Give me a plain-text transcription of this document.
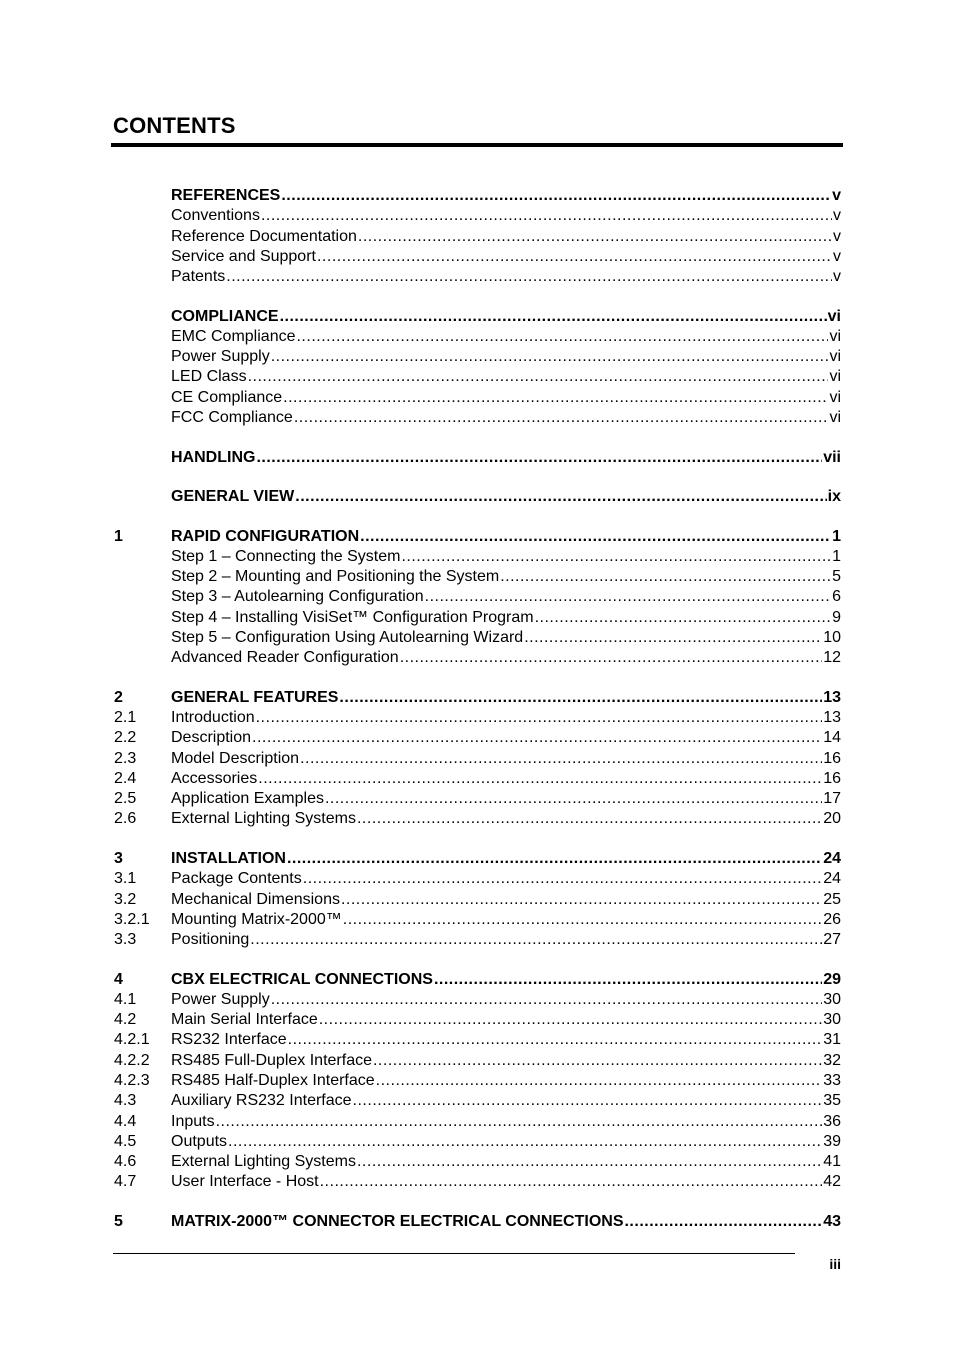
CONTENTS
REFERENCES .....	v
Conventions .....	v
Reference Documentation .....	v
Service and Support .....	v
Patents .....	v
COMPLIANCE .....	vi
EMC Compliance .....	vi
Power Supply .....	vi
LED Class .....	vi
CE Compliance .....	vi
FCC Compliance .....	vi
HANDLING .....	vii
GENERAL VIEW .....	ix
1	RAPID CONFIGURATION .....	1
Step 1 – Connecting the System .....	1
Step 2 – Mounting and Positioning the System .....	5
Step 3 – Autolearning Configuration .....	6
Step 4 – Installing VisiSet™ Configuration Program .....	9
Step 5 – Configuration Using Autolearning Wizard .....	10
Advanced Reader Configuration .....	12
2	GENERAL FEATURES .....	13
2.1 Introduction .....	13
2.2 Description .....	14
2.3 Model Description .....	16
2.4 Accessories .....	16
2.5 Application Examples .....	17
2.6 External Lighting Systems .....	20
3	INSTALLATION .....	24
3.1 Package Contents .....	24
3.2 Mechanical Dimensions .....	25
3.2.1 Mounting Matrix-2000™ .....	26
3.3 Positioning .....	27
4	CBX ELECTRICAL CONNECTIONS .....	29
4.1 Power Supply .....	30
4.2 Main Serial Interface .....	30
4.2.1 RS232 Interface .....	31
4.2.2 RS485 Full-Duplex Interface .....	32
4.2.3 RS485 Half-Duplex Interface .....	33
4.3 Auxiliary RS232 Interface .....	35
4.4 Inputs .....	36
4.5 Outputs .....	39
4.6 External Lighting Systems .....	41
4.7 User Interface - Host .....	42
5	MATRIX-2000™ CONNECTOR ELECTRICAL CONNECTIONS .....	43
iii
